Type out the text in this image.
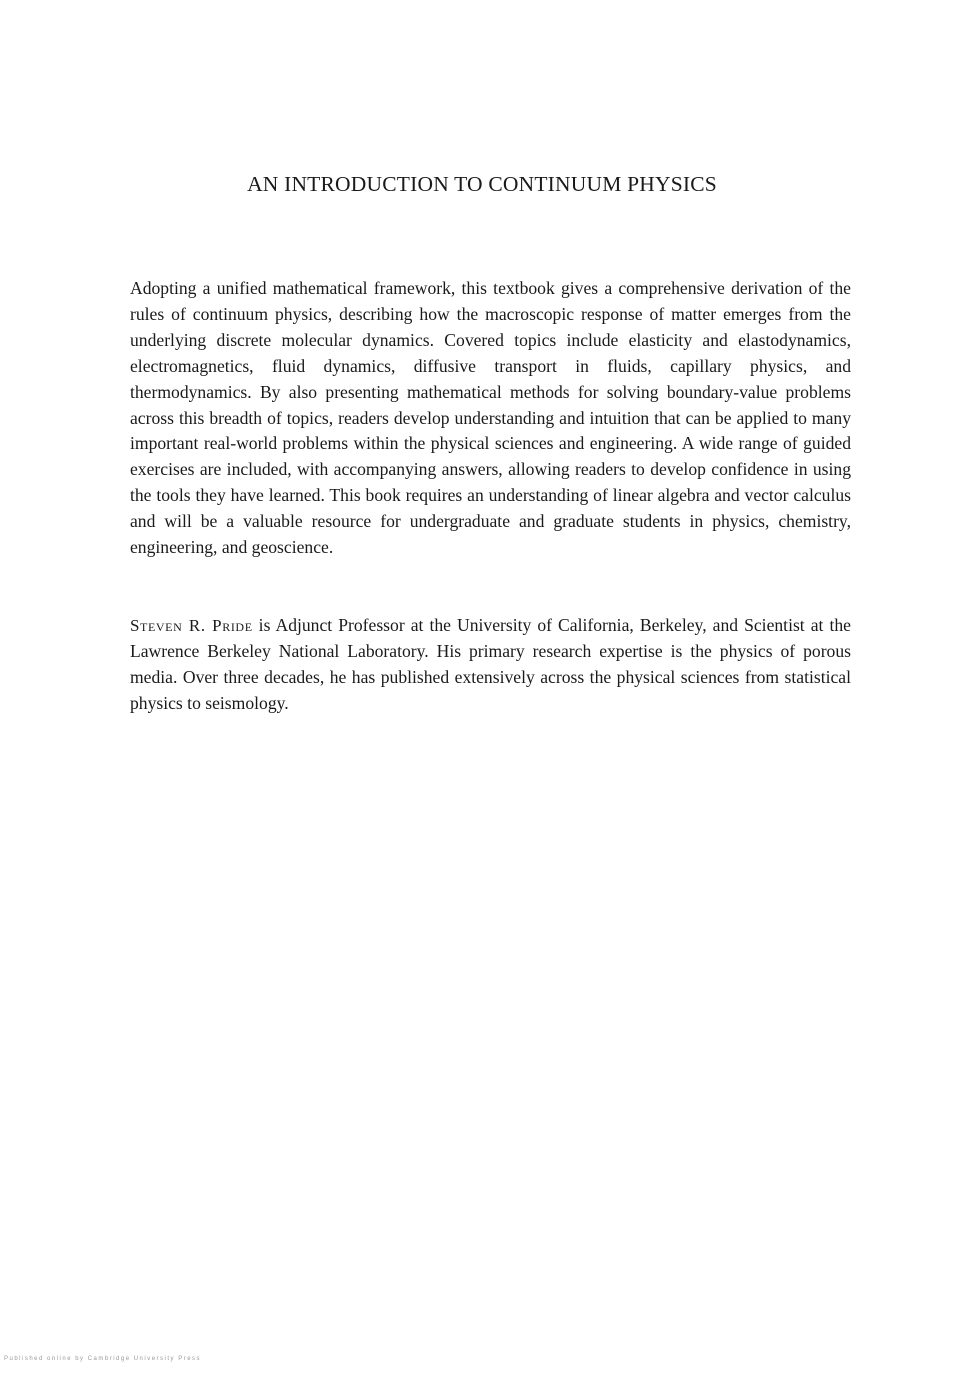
AN INTRODUCTION TO CONTINUUM PHYSICS

Adopting a unified mathematical framework, this textbook gives a comprehensive derivation of the rules of continuum physics, describing how the macroscopic response of matter emerges from the underlying discrete molecular dynamics. Covered topics include elasticity and elastodynamics, electromagnetics, fluid dynamics, diffusive transport in fluids, capillary physics, and thermodynamics. By also presenting mathematical methods for solving boundary-value problems across this breadth of topics, readers develop understanding and intuition that can be applied to many important real-world problems within the physical sciences and engineering. A wide range of guided exercises are included, with accompanying answers, allowing readers to develop confidence in using the tools they have learned. This book requires an understanding of linear algebra and vector calculus and will be a valuable resource for undergraduate and graduate students in physics, chemistry, engineering, and geoscience.

Steven R. Pride is Adjunct Professor at the University of California, Berkeley, and Scientist at the Lawrence Berkeley National Laboratory. His primary research expertise is the physics of porous media. Over three decades, he has published extensively across the physical sciences from statistical physics to seismology.

Published online by Cambridge University Press
